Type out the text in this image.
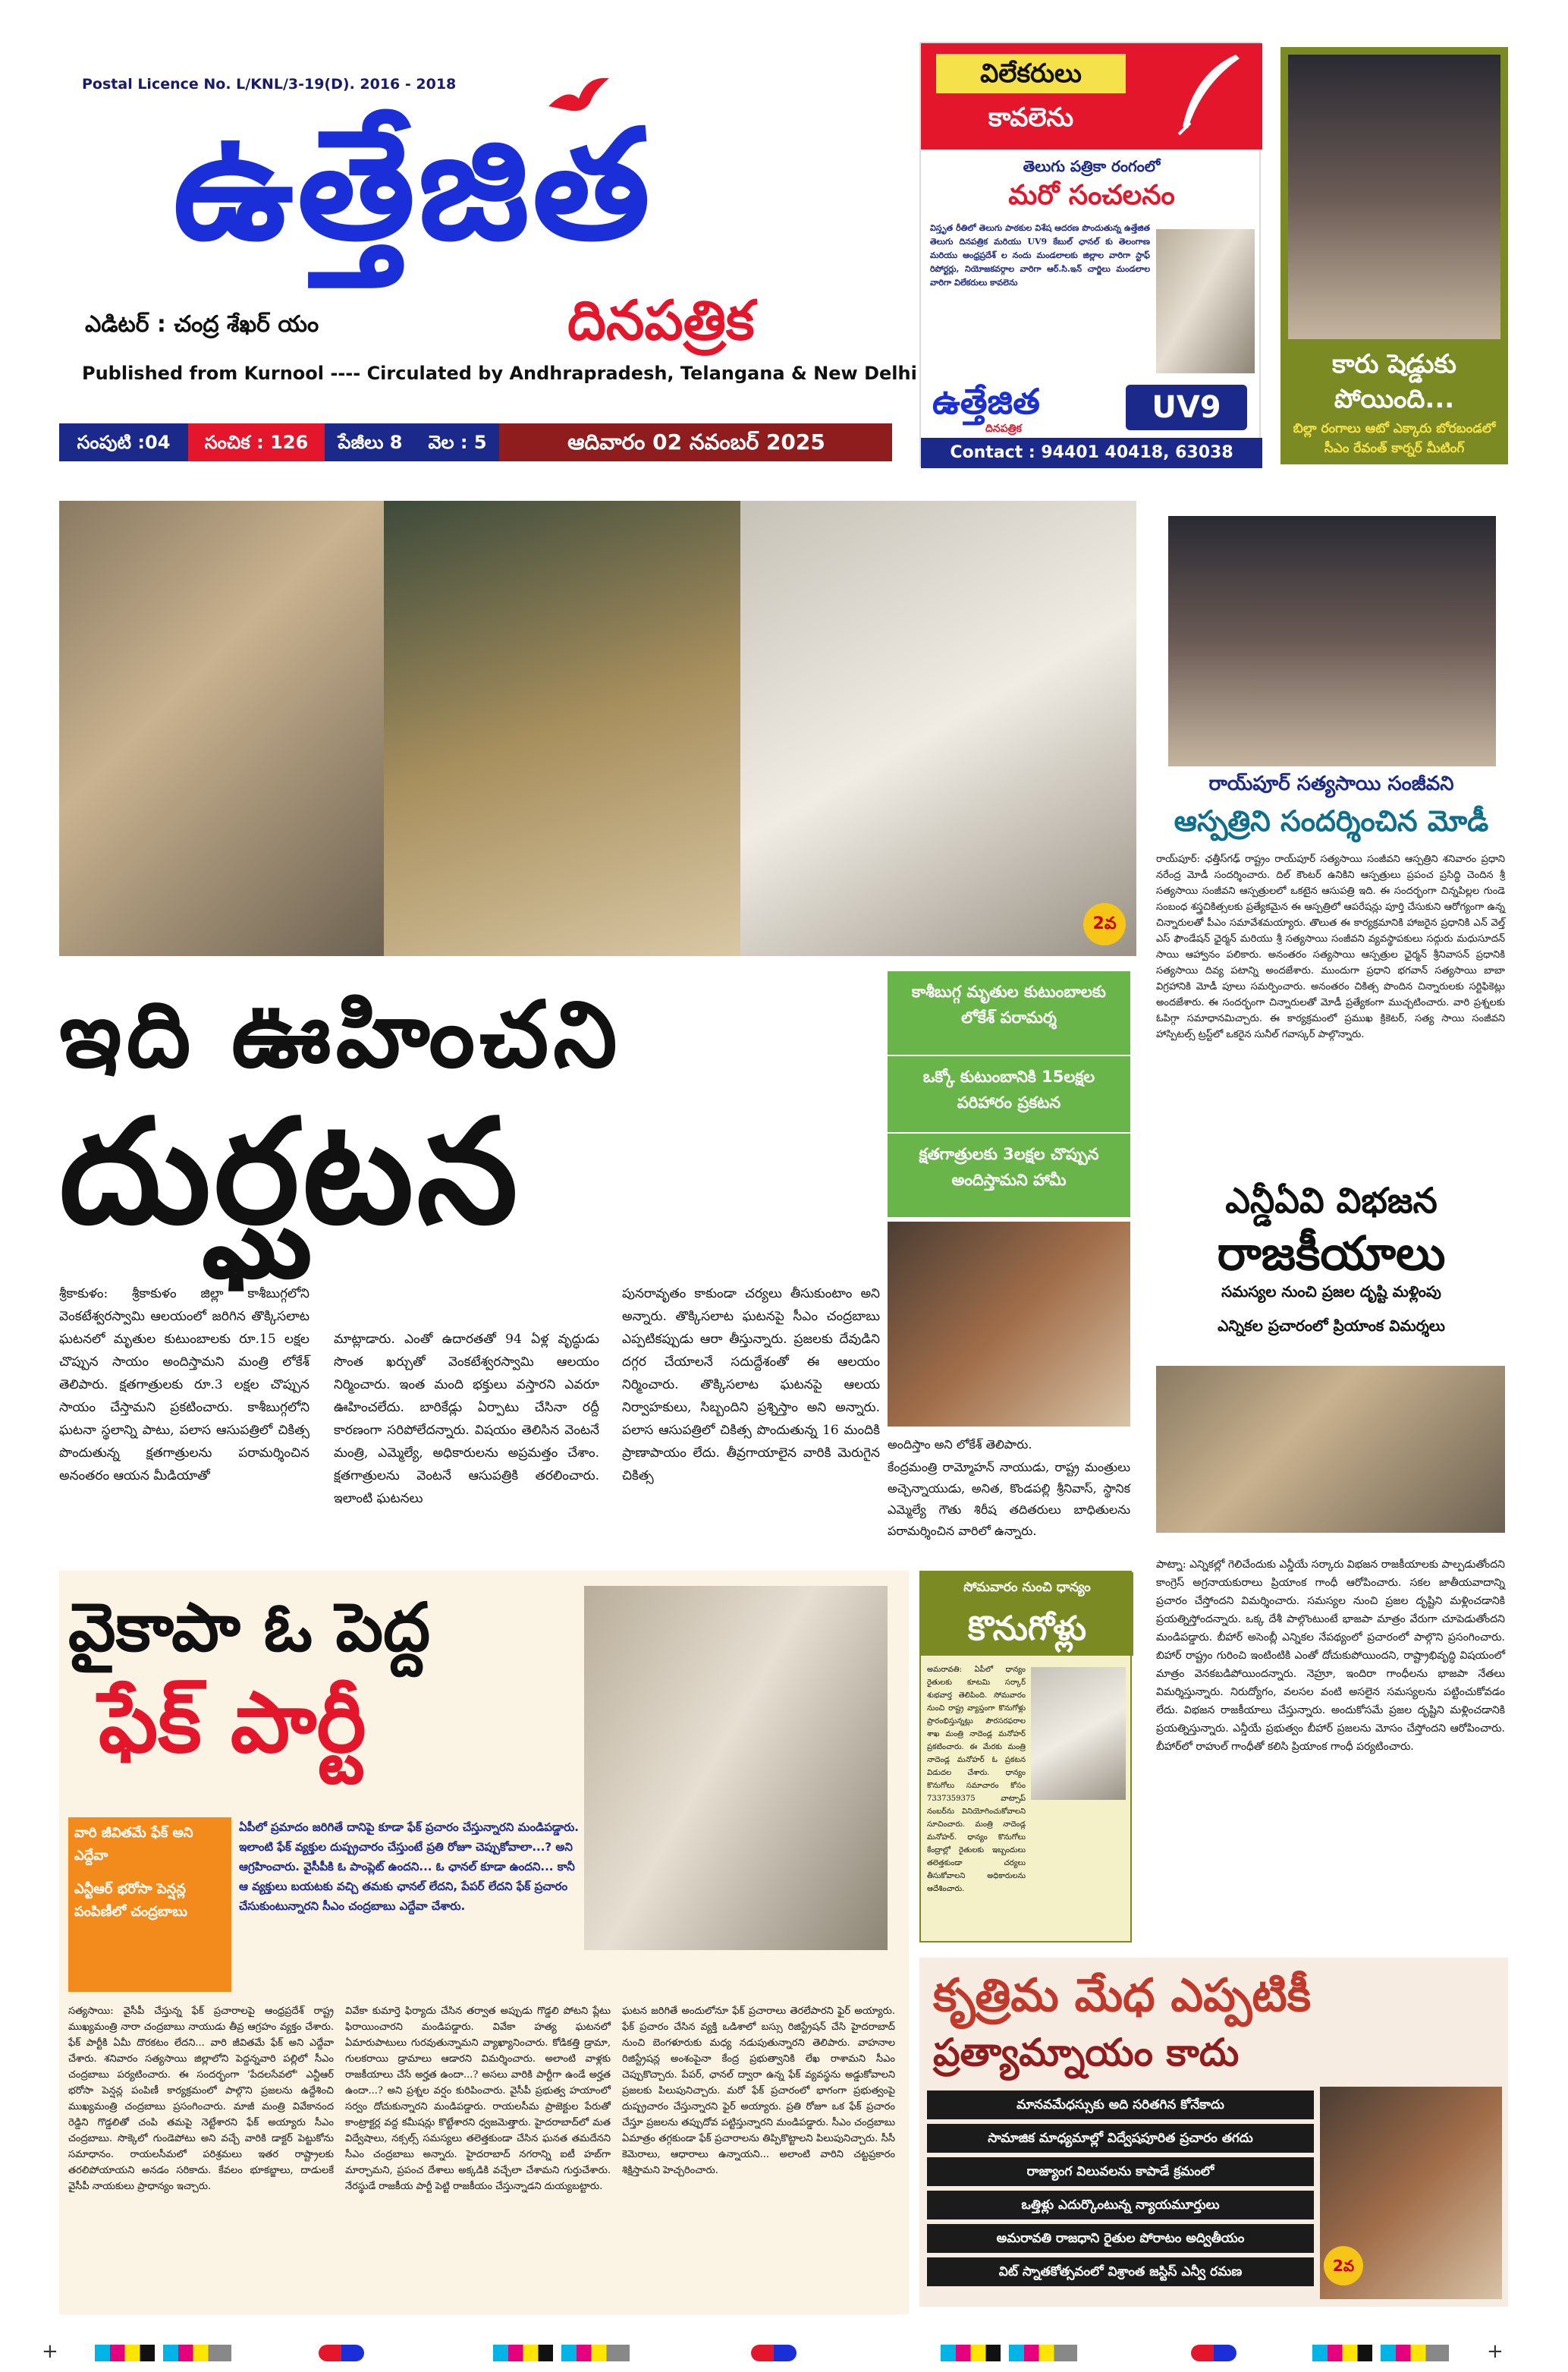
Postal Licence No. L/KNL/3-19(D). 2016 - 2018
ఉత్తేజిత
ఎడిటర్ : చంద్ర శేఖర్ యం	దినపత్రిక
Published from Kurnool ---- Circulated by Andhrapradesh, Telangana & New Delhi
సంపుటి :04	సంచిక : 126	పేజీలు 8	వెల : 5	ఆదివారం 02 నవంబర్ 2025
విలేకరులు
కావలెను
తెలుగు పత్రికా రంగంలో
మరో సంచలనం
విస్తృత రీతిలో తెలుగు పాఠకుల విశేష ఆదరణ పొందుతున్న ఉత్తేజిత తెలుగు దినపత్రిక మరియు UV9 కేబుల్ ఛానల్ కు తెలంగాణ మరియు ఆంధ్రప్రదేశ్ ల నందు మండలాలకు జిల్లాల వారిగా స్టాఫ్ రిపోర్టర్లు, నియోజకవర్గాల వారిగా ఆర్.సి.ఇన్ చార్జిలు మండలాల వారిగా విలేకరులు కావలెను
ఉత్తేజిత
దినపత్రిక
UV9
Contact : 94401 40418, 63038 17489
కారు షెడ్డుకు పోయింది...
బిల్లా రంగాలు ఆటో ఎక్కారు బోరబండలో సీఎం రేవంత్ కార్నర్ మీటింగ్
2వ
ఇది ఊహించని
దుర్ఘటన
శ్రీకాకుళం: శ్రీకాకుళం జిల్లా కాశీబుగ్గలోని వెంకటేశ్వరస్వామి ఆలయంలో జరిగిన తొక్కిసలాట ఘటనలో మృతుల కుటుంబాలకు రూ.15 లక్షల చొప్పున సాయం అందిస్తామని మంత్రి లోకేశ్ తెలిపారు. క్షతగాత్రులకు రూ.3 లక్షల చొప్పున సాయం చేస్తామని ప్రకటించారు. కాశీబుగ్గలోని ఘటనా స్థలాన్ని పాటు, పలాస ఆసుపత్రిలో చికిత్స పొందుతున్న క్షతగాత్రులను పరామర్శించిన అనంతరం ఆయన మీడియాతో
మాట్లాడారు. ఎంతో ఉదారతతో 94 ఏళ్ల వృద్ధుడు సొంత ఖర్చుతో వెంకటేశ్వరస్వామి ఆలయం నిర్మించారు. ఇంత మంది భక్తులు వస్తారని ఎవరూ ఊహించలేదు. బారికేడ్లు ఏర్పాటు చేసినా రద్దీ కారణంగా సరిపోలేదన్నారు. విషయం తెలిసిన వెంటనే మంత్రి, ఎమ్మెల్యే, అధికారులను అప్రమత్తం చేశాం. క్షతగాత్రులను వెంటనే ఆసుపత్రికి తరలించారు. ఇలాంటి ఘటనలు
పునరావృతం కాకుండా చర్యలు తీసుకుంటాం అని అన్నారు. తొక్కిసలాట ఘటనపై సీఎం చంద్రబాబు ఎప్పటికప్పుడు ఆరా తీస్తున్నారు. ప్రజలకు దేవుడిని దగ్గర చేయాలనే సదుద్దేశంతో ఈ ఆలయం నిర్మించారు. తొక్కిసలాట ఘటనపై ఆలయ నిర్వాహకులు, సిబ్బందిని ప్రశ్నిస్తాం అని అన్నారు. పలాస ఆసుపత్రిలో చికిత్స పొందుతున్న 16 మందికి ప్రాణాపాయం లేదు. తీవ్రగాయాలైన వారికి మెరుగైన చికిత్స
కాశీబుగ్గ మృతుల కుటుంబాలకు లోకేశ్ పరామర్శ
ఒక్కో కుటుంబానికి 15లక్షల పరిహారం ప్రకటన
క్షతగాత్రులకు 3లక్షల చొప్పున అందిస్తామని హామీ
అందిస్తాం అని లోకేశ్ తెలిపారు.
కేంద్రమంత్రి రామ్మోహన్ నాయుడు, రాష్ట్ర మంత్రులు అచ్చెన్నాయుడు, అనిత, కొండపల్లి శ్రీనివాస్, స్థానిక ఎమ్మెల్యే గౌతు శిరీష తదితరులు బాధితులను పరామర్శించిన వారిలో ఉన్నారు.
రాయ్‌పూర్ సత్యసాయి సంజీవని
ఆస్పత్రిని సందర్శించిన మోడీ
రాయ్‌పూర్: ఛత్తీస్‌గఢ్ రాష్ట్రం రాయ్‌పూర్ సత్యసాయి సంజీవని ఆస్పత్రిని శనివారం ప్రధాని నరేంద్ర మోడీ సందర్శించారు. దిల్ కౌంటర్ ఉనికిని ఆస్పత్రులు ప్రపంచ ప్రసిద్ధి చెందిన శ్రీ సత్యసాయి సంజీవని ఆస్పత్రులలో ఒకటైన ఆసుపత్రి ఇది. ఈ సందర్భంగా చిన్నపిల్లల గుండె సంబంధ శస్త్రచికిత్సలకు ప్రత్యేకమైన ఈ ఆస్పత్రిలో ఆపరేషన్లు పూర్తి చేసుకుని ఆరోగ్యంగా ఉన్న చిన్నారులతో పీఎం సమావేశమయ్యారు. తొలుత ఈ కార్యక్రమానికి హాజరైన ప్రధానికి ఎన్ వెల్త్ ఎస్ ఫౌండేషన్ ఛైర్మన్ మరియు శ్రీ సత్యసాయి సంజీవని వ్యవస్థాపకులు సద్గురు మధుసూదన్ సాయి ఆహ్వానం పలికారు. అనంతరం సత్యసాయి ఆస్పత్రుల ఛైర్మన్ శ్రీనివాసన్ ప్రధానికి సత్యసాయి దివ్య పటాన్ని అందజేశారు. ముందుగా ప్రధాని భగవాన్ సత్యసాయి బాబా విగ్రహానికి మోడీ పూలు సమర్పించారు. అనంతరం చికిత్స పొందిన చిన్నారులకు సర్టిఫికెట్లు అందజేశారు. ఈ సందర్భంగా చిన్నారులతో మోడీ ప్రత్యేకంగా ముచ్చటించారు. వారి ప్రశ్నలకు ఓపిగ్గా సమాధానమిచ్చారు. ఈ కార్యక్రమంలో ప్రముఖ క్రికెటర్, సత్య సాయి సంజీవని హాస్పిటల్స్ ట్రస్ట్‌లో ఒకరైన సునీల్ గవాస్కర్ పాల్గొన్నారు.
ఎన్డీఏవి విభజన
రాజకీయాలు
సమస్యల నుంచి ప్రజల దృష్టి మళ్లింపు
ఎన్నికల ప్రచారంలో ప్రియాంక విమర్శలు
పాట్నా: ఎన్నికల్లో గెలిచేందుకు ఎన్డీయే సర్కారు విభజన రాజకీయాలకు పాల్పడుతోందని కాంగ్రెస్ అగ్రనాయకురాలు ప్రియాంక గాంధీ ఆరోపించారు. సకల జాతీయవాదాన్ని ప్రచారం చేస్తోందని విమర్శించారు. సమస్యల నుంచి ప్రజల దృష్టిని మళ్లించడానికి ప్రయత్నిస్తోందన్నారు. ఒక్క దేశీ పాల్గొంటుంటే భాజపా మాత్రం వేరుగా చూపెడుతోందని మండిపడ్డారు. బీహార్ అసెంబ్లీ ఎన్నికల నేపథ్యంలో ప్రచారంలో పాల్గొని ప్రసంగించారు. బిహార్ రాష్ట్రం గురించి ఇంటింటికి ఎంతో దోచుకుపోయిందని, రాష్ట్రాభివృద్ధి విషయంలో మాత్రం వెనకబడిపోయిందన్నారు. నెహ్రూ, ఇందిరా గాంధీలను భాజపా నేతలు విమర్శిస్తున్నారు. నిరుద్యోగం, వలసల వంటి అసలైన సమస్యలను పట్టించుకోవడం లేదు. విభజన రాజకీయాలు చేస్తున్నారు. అందుకోసమే ప్రజల దృష్టిని మళ్లించడానికి ప్రయత్నిస్తున్నారు. ఎన్డీయే ప్రభుత్వం బీహార్ ప్రజలను మోసం చేస్తోందని ఆరోపించారు. బీహార్‌లో రాహుల్ గాంధీతో కలిసి ప్రియాంక గాంధీ పర్యటించారు.
వైకాపా ఓ పెద్ద
ఫేక్ పార్టీ
వారి జీవితమే ఫేక్ అని ఎద్దేవా
ఎన్టీఆర్ భరోసా పెన్షన్ల పంపిణీలో చంద్రబాబు
ఏపీలో ప్రమాదం జరిగితే దానిపై కూడా ఫేక్ ప్రచారం చేస్తున్నారని మండిపడ్డారు. ఇలాంటి ఫేక్ వ్యక్తుల దుష్ప్రచారం చేస్తుంటే ప్రతి రోజూ చెప్పుకోవాలా...? అని ఆగ్రహించారు. వైసీపీకి ఓ పాంప్లెట్ ఉందని... ఓ ఛానల్ కూడా ఉందని... కానీ ఆ వ్యక్తులు బయటకు వచ్చి తమకు ఛానల్ లేదని, పేపర్ లేదని ఫేక్ ప్రచారం చేసుకుంటున్నారని సీఎం చంద్రబాబు ఎద్దేవా చేశారు.
సత్యసాయి: వైసీపీ చేస్తున్న ఫేక్ ప్రచారాలపై ఆంధ్రప్రదేశ్ రాష్ట్ర ముఖ్యమంత్రి నారా చంద్రబాబు నాయుడు తీవ్ర ఆగ్రహం వ్యక్తం చేశారు. ఫేక్ పార్టీకి ఏమీ దొరకటం లేదని... వారి జీవితమే ఫేక్ అని ఎద్దేవా చేశారు. శనివారం సత్యసాయి జిల్లాలోని పెద్దన్నవారి పల్లిలో సీఎం చంద్రబాబు పర్యటించారు. ఈ సందర్భంగా 'పేదలసేవలో' ఎన్టీఆర్ భరోసా పెన్షన్ల పంపిణీ కార్యక్రమంలో పాల్గొని ప్రజలను ఉద్దేశించి ముఖ్యమంత్రి చంద్రబాబు ప్రసంగించారు. మాజీ మంత్రి వివేకానంద రెడ్డిని గొడ్డలితో చంపి తమపై నెట్టేశారని ఫేక్ అయ్యారు సీఎం చంద్రబాబు. సొక్కెలో గుండెపోటు అని వచ్చే వారికి డాక్టర్ పెట్టుకోను సమాధానం. రాయలసీమలో పరిశ్రమలు ఇతర రాష్ట్రాలకు తరలిపోయాయని అనడం సరికాదు. కేవలం భూకబ్జాలు, దాడులకే వైసీపీ నాయకులు ప్రాధాన్యం ఇచ్చారు.
వివేకా కుమార్తె ఫిర్యాదు చేసిన తర్వాత అప్పుడు గొడ్డలి పోటని ప్లేటు ఫిరాయించారని మండిపడ్డారు. వివేకా హత్య ఘటనలో ఏమారుపాటులు గురవుతున్నామని వ్యాఖ్యానించారు. కోడికత్తి డ్రామా, గులకరాయి డ్రామాలు ఆడారని విమర్శించారు. అలాంటి వాళ్లకు రాజకీయాలు చేసే అర్హత ఉందా...? అసలు వారికి పార్టీగా ఉండే అర్హత ఉందా...? అని ప్రశ్నల వర్షం కురిపించారు. వైసీపీ ప్రభుత్వ హయాంలో సర్వం దోచుకున్నారని మండిపడ్డారు. రాయలసీమ ప్రాజెక్టుల పేరుతో కాంట్రాక్టర్ల వద్ద కమీషన్లు కొట్టేశారని ధ్వజమెత్తారు. హైదరాబాద్‌లో మత విద్వేషాలు, నక్సల్స్ సమస్యలు తలెత్తకుండా చేసిన ఘనత తమదేనని సీఎం చంద్రబాబు అన్నారు. హైదరాబాద్ నగరాన్ని ఐటీ హబ్‌గా మార్చామని, ప్రపంచ దేశాలు అక్కడికి వచ్చేలా చేశామని గుర్తుచేశారు. నేరస్థుడే రాజకీయ పార్టీ పెట్టి రాజకీయం చేస్తున్నాడని దుయ్యబట్టారు.
ఘటన జరిగితే అందులోనూ ఫేక్ ప్రచారాలు తెరలేపారని ఫైర్ అయ్యారు. ఫేక్ ప్రచారం చేసిన వ్యక్తి ఒడిశాలో బస్సు రిజిస్ట్రేషన్ చేసి హైదరాబాద్ నుంచి బెంగళూరుకు మధ్య నడుపుతున్నారని తెలిపారు. వాహనాల రిజిస్ట్రేషన్ల అంశంపైనా కేంద్ర ప్రభుత్వానికి లేఖ రాశామని సీఎం చెప్పుకొచ్చారు. పేపర్, ఛానల్ ద్వారా ఉన్న ఫేక్ వ్యవస్థను అడ్డుకోవాలని ప్రజలకు పిలుపునిచ్చారు. మరో ఫేక్ ప్రచారంలో భాగంగా ప్రభుత్వంపై దుష్ప్రచారం చేస్తున్నారని ఫైర్ అయ్యారు. ప్రతి రోజూ ఒక ఫేక్ ప్రచారం చేస్తూ ప్రజలను తప్పుదోవ పట్టిస్తున్నారని మండిపడ్డారు. సీఎం చంద్రబాబు ఏమాత్రం తగ్గకుండా ఫేక్ ప్రచారాలను తిప్పికొట్టాలని పిలుపునిచ్చారు. సీసీ కెమెరాలు, ఆధారాలు ఉన్నాయని... అలాంటి వారిని చట్టప్రకారం శిక్షిస్తామని హెచ్చరించారు.
సోమవారం నుంచి ధాన్యం
కొనుగోళ్లు
అమరావతి: ఏపీలో ధాన్యం రైతులకు కూటమి సర్కార్ శుభవార్త తెలిపింది. సోమవారం నుంచి రాష్ట్ర వ్యాప్తంగా కొనుగోళ్లు ప్రారంభిస్తున్నట్లు పౌరసరఫరాల శాఖ మంత్రి నాదెండ్ల మనోహర్ ప్రకటించారు. ఈ మేరకు మంత్రి నాదెండ్ల మనోహర్ ఓ ప్రకటన విడుదల చేశారు. ధాన్యం కొనుగోలు సమాచారం కోసం 7337359375 వాట్సాప్ నంబర్‌ను వినియోగించుకోవాలని సూచించారు. మంత్రి నాదెండ్ల మనోహర్. ధాన్యం కొనుగోలు కేంద్రాల్లో రైతులకు ఇబ్బందులు తలెత్తకుండా చర్యలు తీసుకోవాలని అధికారులను ఆదేశించారు.
కృత్రిమ మేధ ఎప్పటికీ
ప్రత్యామ్నాయం కాదు
2వ
మానవమేధస్సుకు అది సరితగిన కోనేకాదు
సామాజిక మాధ్యమాల్లో విద్వేషపూరిత ప్రచారం తగదు
రాజ్యాంగ విలువలను కాపాడే క్రమంలో
ఒత్తిళ్లు ఎదుర్కొంటున్న న్యాయమూర్తులు
అమరావతి రాజధాని రైతుల పోరాటం అద్వితీయం
విట్ స్నాతకోత్సవంలో విశ్రాంత జస్టిస్ ఎన్వీ రమణ
+	+
